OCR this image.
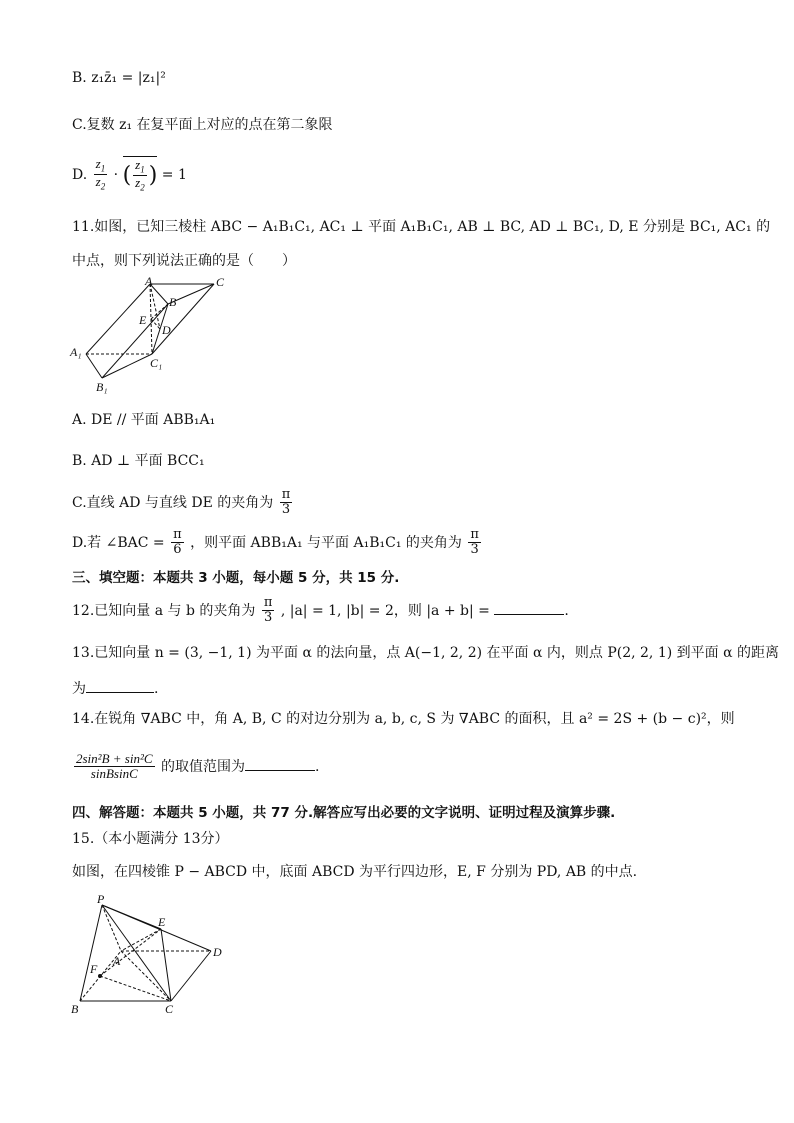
B. z₁z̄₁ = |z₁|²
C.复数 z₁ 在复平面上对应的点在第二象限
D. $\frac{z_1}{z_2}$ · ( $\frac{z_1}{z_2}$ ) = 1
11.如图，已知三棱柱 ABC − A₁B₁C₁, AC₁ ⊥ 平面 A₁B₁C₁, AB ⊥ BC, AD ⊥ BC₁, D, E 分别是 BC₁, AC₁ 的
中点，则下列说法正确的是（　　）
A	C
B
E
D
A₁
C₁
B₁
A. DE // 平面 ABB₁A₁
B. AD ⊥ 平面 BCC₁
C.直线 AD 与直线 DE 的夹角为 $\frac{\pi}{3}$
D.若 ∠BAC = $\frac{\pi}{6}$ ，则平面 ABB₁A₁ 与平面 A₁B₁C₁ 的夹角为 $\frac{\pi}{3}$
三、填空题：本题共 3 小题，每小题 5 分，共 15 分.
12.已知向量 a 与 b 的夹角为 $\frac{\pi}{3}$ , |a| = 1, |b| = 2，则 |a + b| =	.
13.已知向量 n = (3, −1, 1) 为平面 α 的法向量，点 A(−1, 2, 2) 在平面 α 内，则点 P(2, 2, 1) 到平面 α 的距离
为	.
14.在锐角 ∇ABC 中，角 A, B, C 的对边分别为 a, b, c, S 为 ∇ABC 的面积，且 a² = 2S + (b − c)²，则
$\frac{\text{2sin²B + sin²C}}{\text{sinBsinC}}$ 的取值范围为	.
四、解答题：本题共 5 小题，共 77 分.解答应写出必要的文字说明、证明过程及演算步骤.
15.（本小题满分 13分）
如图，在四棱锥 P − ABCD 中，底面 ABCD 为平行四边形，E, F 分别为 PD, AB 的中点.
P
E
F
A
D
B	C
